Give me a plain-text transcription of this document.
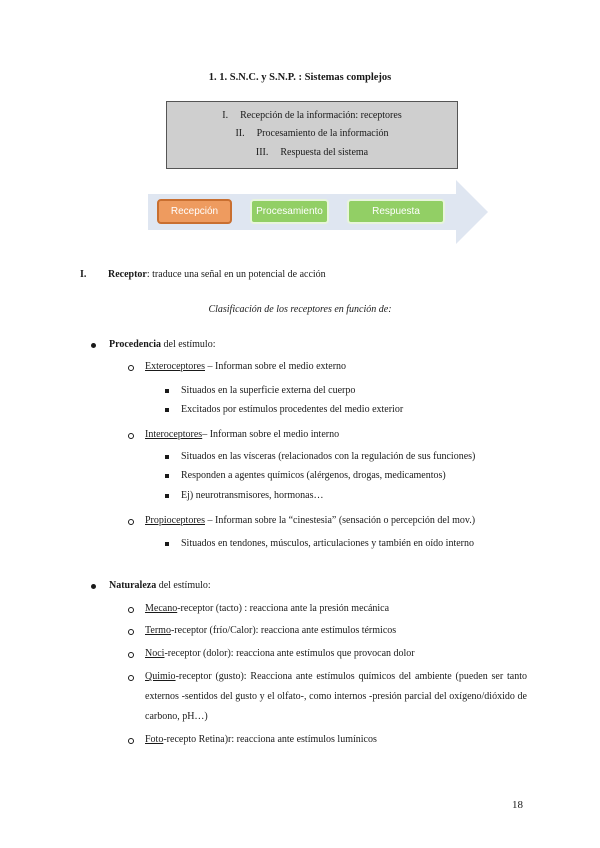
1. 1. S.N.C. y S.N.P. : Sistemas complejos
I. Recepción de la información: receptores
II. Procesamiento de la información
III. Respuesta del sistema
Recepción	Procesamiento	Respuesta
I. Receptor: traduce una señal en un potencial de acción
Clasificación de los receptores en función de:
Procedencia del estímulo:
Exteroceptores – Informan sobre el medio externo
Situados en la superficie externa del cuerpo
Excitados por estímulos procedentes del medio exterior
Interoceptores– Informan sobre el medio interno
Situados en las vísceras (relacionados con la regulación de sus funciones)
Responden a agentes químicos (alérgenos, drogas, medicamentos)
Ej) neurotransmisores, hormonas…
Propioceptores – Informan sobre la “cinestesia” (sensación o percepción del mov.)
Situados en tendones, músculos, articulaciones y también en oído interno
Naturaleza del estímulo:
Mecano-receptor (tacto) : reacciona ante la presión mecánica
Termo-receptor (frío/Calor): reacciona ante estímulos térmicos
Noci-receptor (dolor): reacciona ante estímulos que provocan dolor
Quimio-receptor (gusto): Reacciona ante estímulos químicos del ambiente (pueden ser tanto externos -sentidos del gusto y el olfato-, como internos -presión parcial del oxígeno/dióxido de carbono, pH…)
Foto-recepto Retina)r: reacciona ante estímulos lumínicos
18
